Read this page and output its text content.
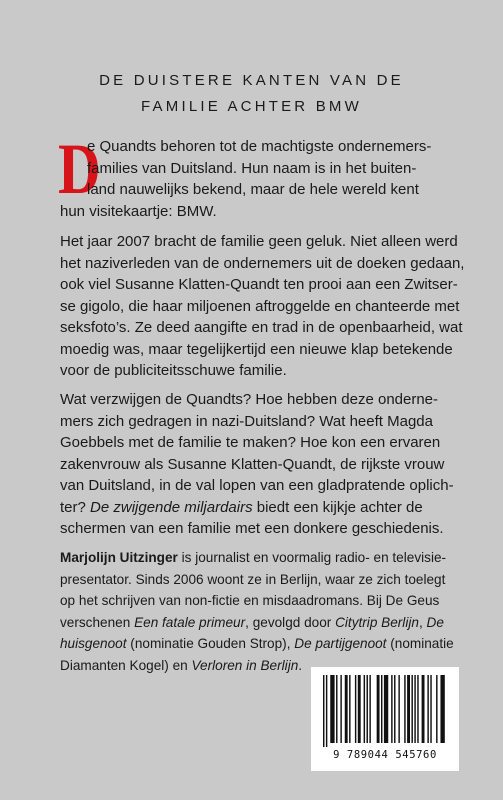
DE DUISTERE KANTEN VAN DE
FAMILIE ACHTER BMW
D
e Quandts behoren tot de machtigste ondernemers-
families van Duitsland. Hun naam is in het buiten-
land nauwelijks bekend, maar de hele wereld kent
hun visitekaartje: BMW.
Het jaar 2007 bracht de familie geen geluk. Niet alleen werd
het naziverleden van de ondernemers uit de doeken gedaan,
ook viel Susanne Klatten-Quandt ten prooi aan een Zwitser-
se gigolo, die haar miljoenen aftroggelde en chanteerde met
seksfoto’s. Ze deed aangifte en trad in de openbaarheid, wat
moedig was, maar tegelijkertijd een nieuwe klap betekende
voor de publiciteitsschuwe familie.
Wat verzwijgen de Quandts? Hoe hebben deze onderne-
mers zich gedragen in nazi-Duitsland? Wat heeft Magda
Goebbels met de familie te maken? Hoe kon een ervaren
zakenvrouw als Susanne Klatten-Quandt, de rijkste vrouw
van Duitsland, in de val lopen van een gladpratende oplich-
ter? De zwijgende miljardairs biedt een kijkje achter de
schermen van een familie met een donkere geschiedenis.
Marjolijn Uitzinger is journalist en voormalig radio- en televisie-
presentator. Sinds 2006 woont ze in Berlijn, waar ze zich toelegt
op het schrijven van non-fictie en misdaadromans. Bij De Geus
verschenen Een fatale primeur, gevolgd door Citytrip Berlijn, De
huisgenoot (nominatie Gouden Strop), De partijgenoot (nominatie
Diamanten Kogel) en Verloren in Berlijn.
9 789044 545760
